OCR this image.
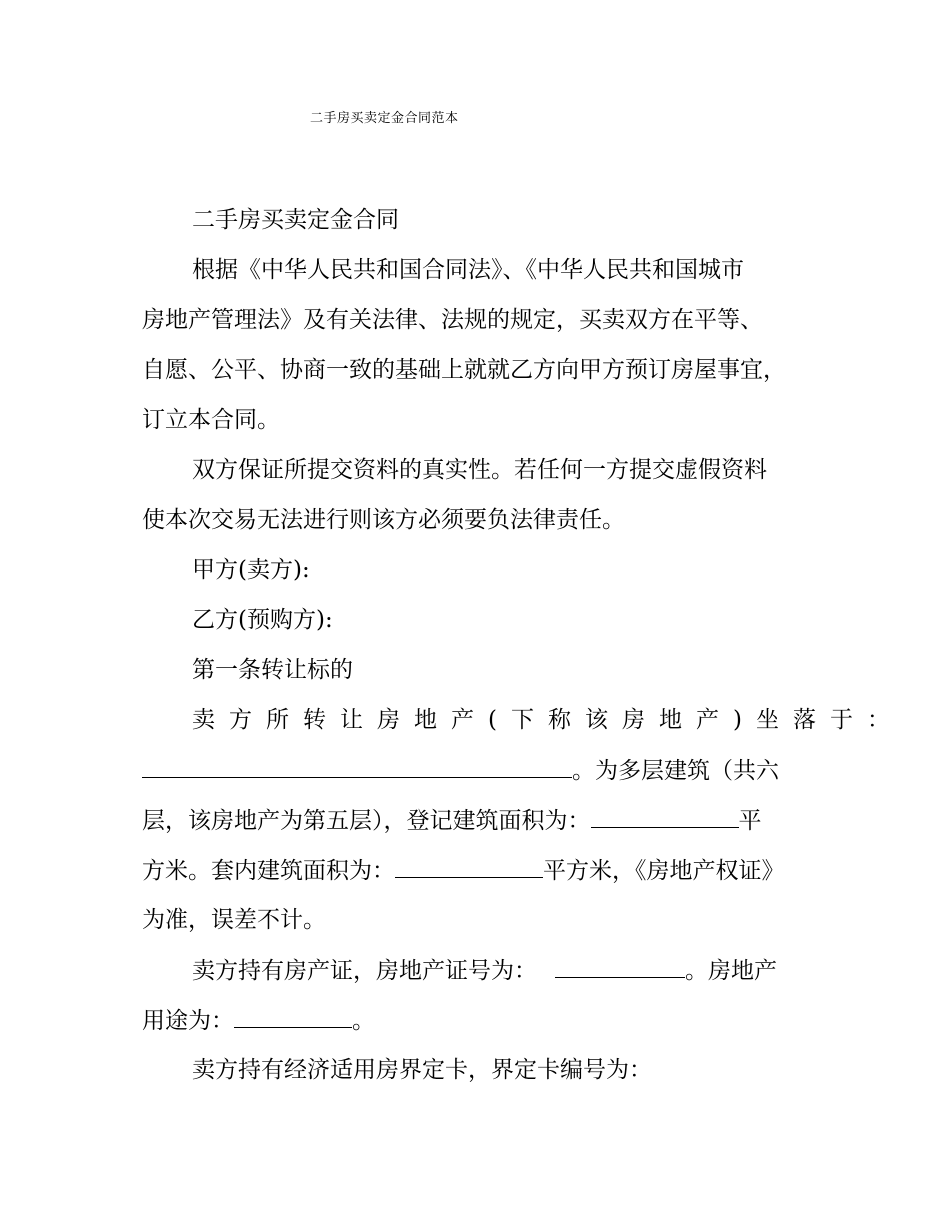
二手房买卖定金合同范本
二手房买卖定金合同
根据《中华人民共和国合同法》、《中华人民共和国城市
房地产管理法》及有关法律、法规的规定，买卖双方在平等、
自愿、公平、协商一致的基础上就就乙方向甲方预订房屋事宜，
订立本合同。
双方保证所提交资料的真实性。若任何一方提交虚假资料
使本次交易无法进行则该方必须要负法律责任。
甲方(卖方):
乙方(预购方):
第一条转让标的
卖方所转让房地产(下称该房地产)坐落于：
。为多层建筑（共六
层，该房地产为第五层），登记建筑面积为：	平
方米。套内建筑面积为：	平方米，《房地产权证》
为准，误差不计。
卖方持有房产证，房地产证号为：	。房地产
用途为：	。
卖方持有经济适用房界定卡，界定卡编号为：
